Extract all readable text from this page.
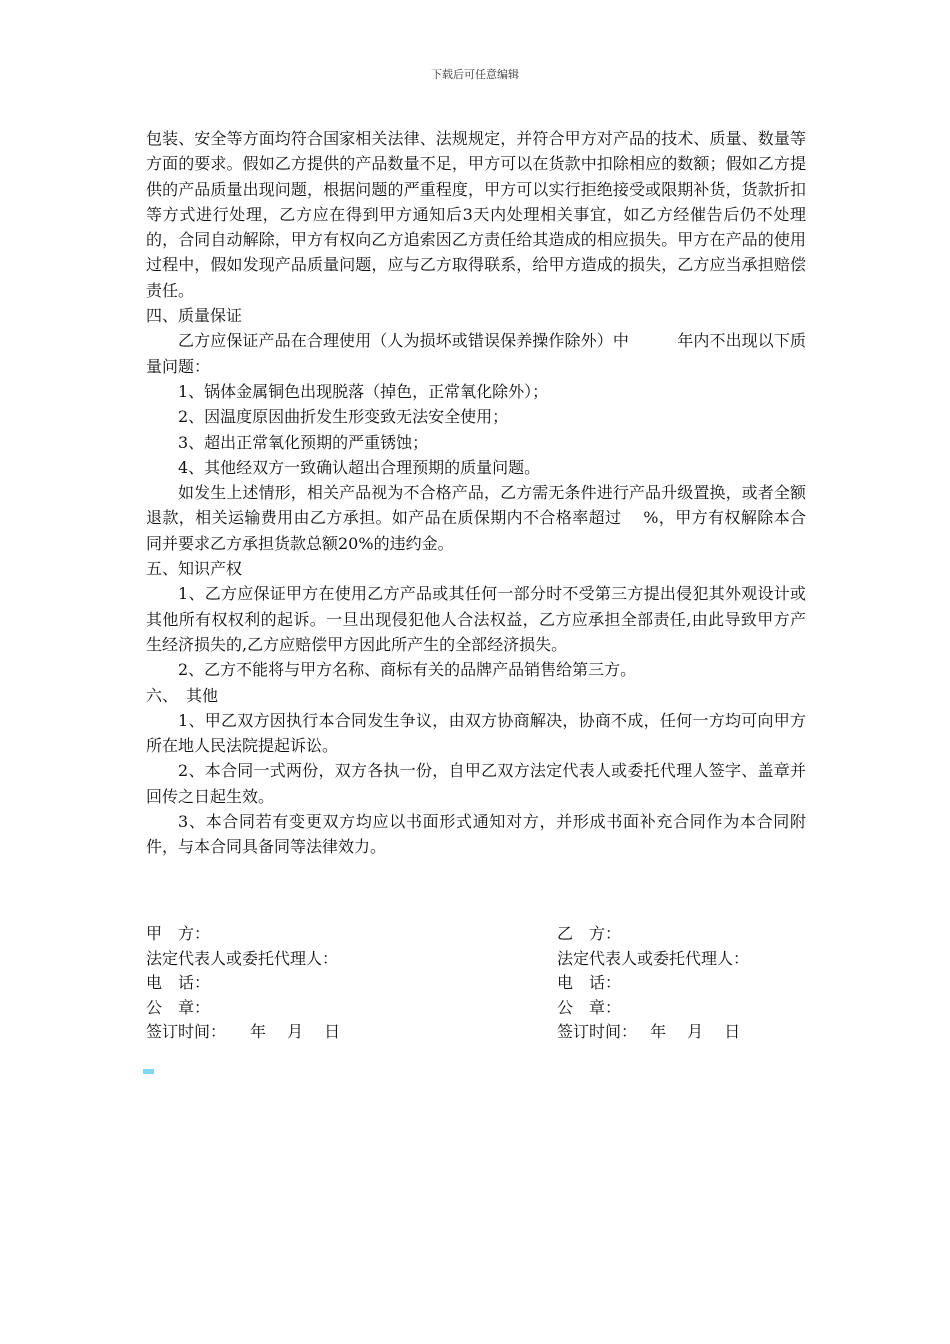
下载后可任意编辑
包装、安全等方面均符合国家相关法律、法规规定，并符合甲方对产品的技术、质量、数量等方面的要求。假如乙方提供的产品数量不足，甲方可以在货款中扣除相应的数额；假如乙方提供的产品质量出现问题，根据问题的严重程度，甲方可以实行拒绝接受或限期补货，货款折扣等方式进行处理，乙方应在得到甲方通知后3天内处理相关事宜，如乙方经催告后仍不处理的，合同自动解除，甲方有权向乙方追索因乙方责任给其造成的相应损失。甲方在产品的使用过程中，假如发现产品质量问题，应与乙方取得联系，给甲方造成的损失，乙方应当承担赔偿责任。
四、质量保证
乙方应保证产品在合理使用（人为损坏或错误保养操作除外）中　　　年内不出现以下质量问题：
1、锅体金属铜色出现脱落（掉色，正常氧化除外）；
2、因温度原因曲折发生形变致无法安全使用；
3、超出正常氧化预期的严重锈蚀；
4、其他经双方一致确认超出合理预期的质量问题。
如发生上述情形，相关产品视为不合格产品，乙方需无条件进行产品升级置换，或者全额退款，相关运输费用由乙方承担。如产品在质保期内不合格率超过　 %，甲方有权解除本合同并要求乙方承担货款总额20%的违约金。
五、知识产权
1、乙方应保证甲方在使用乙方产品或其任何一部分时不受第三方提出侵犯其外观设计或其他所有权权利的起诉。一旦出现侵犯他人合法权益，乙方应承担全部责任,由此导致甲方产生经济损失的,乙方应赔偿甲方因此所产生的全部经济损失。
2、乙方不能将与甲方名称、商标有关的品牌产品销售给第三方。
六、　其他
1、甲乙双方因执行本合同发生争议，由双方协商解决，协商不成，任何一方均可向甲方所在地人民法院提起诉讼。
2、本合同一式两份，双方各执一份，自甲乙双方法定代表人或委托代理人签字、盖章并回传之日起生效。
3、本合同若有变更双方均应以书面形式通知对方，并形成书面补充合同作为本合同附件，与本合同具备同等法律效力。
甲　方：
法定代表人或委托代理人：
电　话：
公　章：
签订时间：　　年　 月　 日
乙　方：
法定代表人或委托代理人：
电　话：
公　章：
签订时间：　 年　 月　 日
